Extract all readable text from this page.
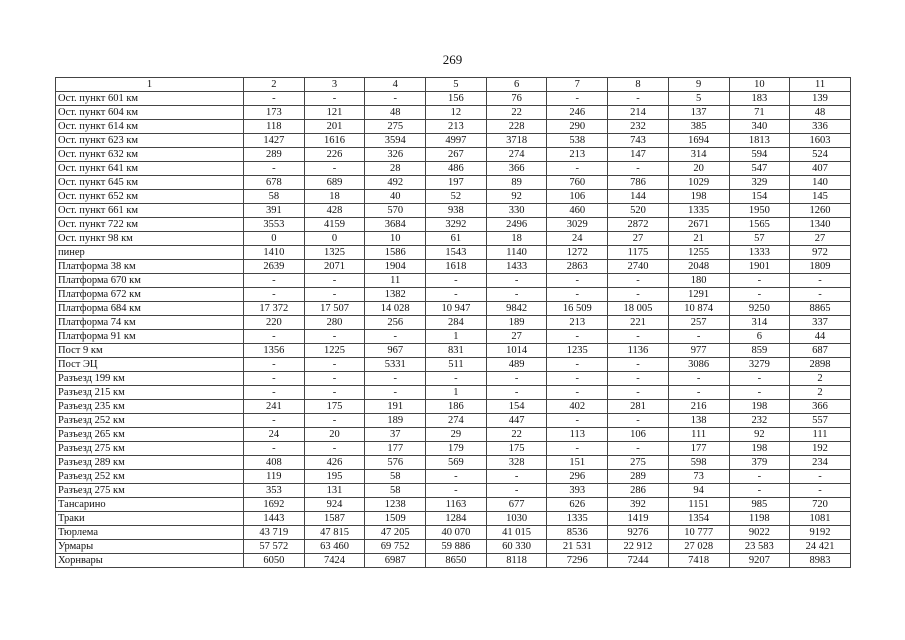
269
1	2	3	4	5	6	7	8	9	10	11
Ост. пункт 601 км	-	-	-	156	76	-	-	5	183	139
Ост. пункт 604 км	173	121	48	12	22	246	214	137	71	48
Ост. пункт 614 км	118	201	275	213	228	290	232	385	340	336
Ост. пункт 623 км	1427	1616	3594	4997	3718	538	743	1694	1813	1603
Ост. пункт 632 км	289	226	326	267	274	213	147	314	594	524
Ост. пункт 641 км	-	-	28	486	366	-	-	20	547	407
Ост. пункт 645 км	678	689	492	197	89	760	786	1029	329	140
Ост. пункт 652 км	58	18	40	52	92	106	144	198	154	145
Ост. пункт 661 км	391	428	570	938	330	460	520	1335	1950	1260
Ост. пункт 722 км	3553	4159	3684	3292	2496	3029	2872	2671	1565	1340
Ост. пункт 98 км	0	0	10	61	18	24	27	21	57	27
пинер	1410	1325	1586	1543	1140	1272	1175	1255	1333	972
Платформа 38 км	2639	2071	1904	1618	1433	2863	2740	2048	1901	1809
Платформа 670 км	-	-	11	-	-	-	-	180	-	-
Платформа 672 км	-	-	1382	-	-	-	-	1291	-	-
Платформа 684 км	17 372	17 507	14 028	10 947	9842	16 509	18 005	10 874	9250	8865
Платформа 74 км	220	280	256	284	189	213	221	257	314	337
Платформа 91 км	-	-	-	1	27	-	-	-	6	44
Пост 9 км	1356	1225	967	831	1014	1235	1136	977	859	687
Пост ЭЦ	-	-	5331	511	489	-	-	3086	3279	2898
Разъезд 199 км	-	-	-	-	-	-	-	-	-	2
Разъезд 215 км	-	-	-	1	-	-	-	-	-	2
Разъезд 235 км	241	175	191	186	154	402	281	216	198	366
Разъезд 252 км	-	-	189	274	447	-	-	138	232	557
Разъезд 265 км	24	20	37	29	22	113	106	111	92	111
Разъезд 275 км	-	-	177	179	175	-	-	177	198	192
Разъезд 289 км	408	426	576	569	328	151	275	598	379	234
Разъезд 252 км	119	195	58	-	-	296	289	73	-	-
Разъезд 275 км	353	131	58	-	-	393	286	94	-	-
Тансарино	1692	924	1238	1163	677	626	392	1151	985	720
Траки	1443	1587	1509	1284	1030	1335	1419	1354	1198	1081
Тюрлема	43 719	47 815	47 205	40 070	41 015	8536	9276	10 777	9022	9192
Урмары	57 572	63 460	69 752	59 886	60 330	21 531	22 912	27 028	23 583	24 421
Хорнвары	6050	7424	6987	8650	8118	7296	7244	7418	9207	8983
